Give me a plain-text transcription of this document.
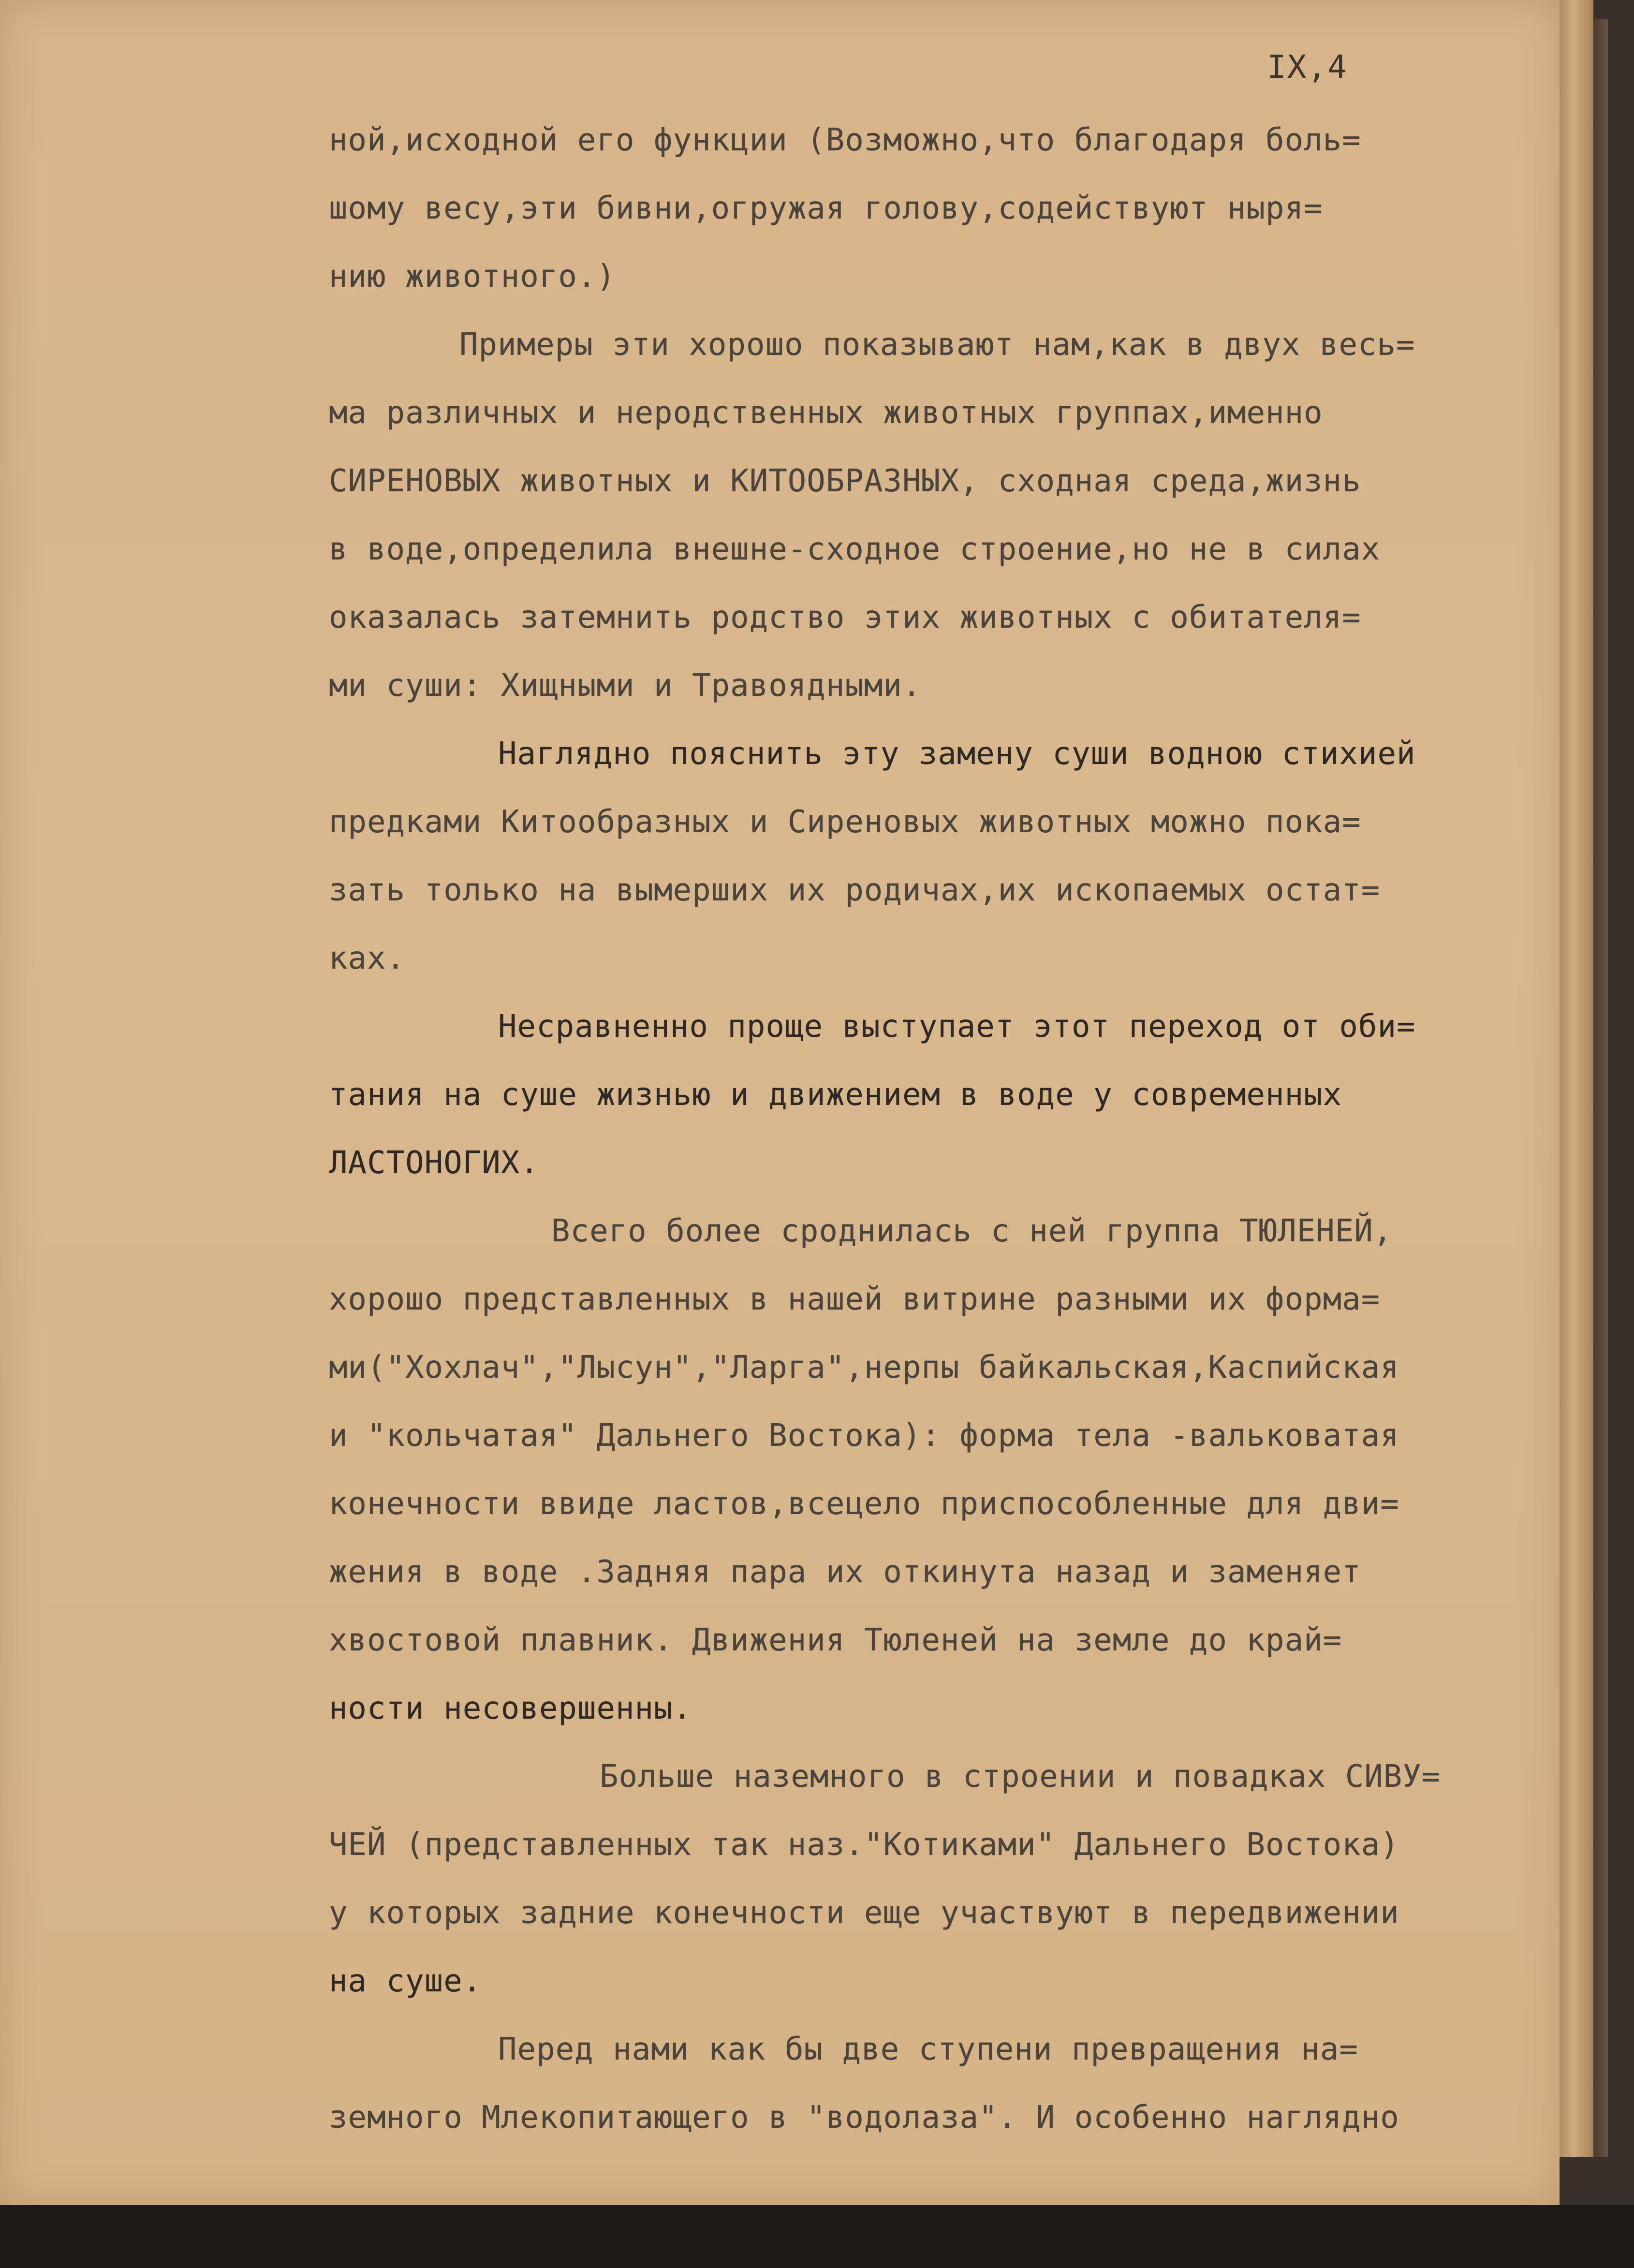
IX,4
ной,исходной его функции (Возможно,что благодаря боль=
шому весу,эти бивни,огружая голову,содействуют ныря=
нию животного.)
Примеры эти хорошо показывают нам,как в двух весь=
ма различных и неродственных животных группах,именно
СИРЕНОВЫХ животных и КИТООБРАЗНЫХ, сходная среда,жизнь
в воде,определила внешне-сходное строение,но не в силах
оказалась затемнить родство этих животных с обитателя=
ми суши: Хищными и Травоядными.
Наглядно пояснить эту замену суши водною стихией
предками Китообразных и Сиреновых животных можно пока=
зать только на вымерших их родичах,их ископаемых остат=
ках.
Несравненно проще выступает этот переход от оби=
тания на суше жизнью и движением в воде у современных
ЛАСТОНОГИХ.
Всего более сроднилась с ней группа ТЮЛЕНЕЙ,
хорошо представленных в нашей витрине разными их форма=
ми("Хохлач","Лысун","Ларга",нерпы байкальская,Каспийская
и "кольчатая" Дальнего Востока): форма тела -вальковатая
конечности ввиде ластов,всецело приспособленные для дви=
жения в воде .Задняя пара их откинута назад и заменяет
хвостовой плавник. Движения Тюленей на земле до край=
ности несовершенны.
Больше наземного в строении и повадках СИВУ=
ЧЕЙ (представленных так наз."Котиками" Дальнего Востока)
у которых задние конечности еще участвуют в передвижении
на суше.
Перед нами как бы две ступени превращения на=
земного Млекопитающего в "водолаза". И особенно наглядно
